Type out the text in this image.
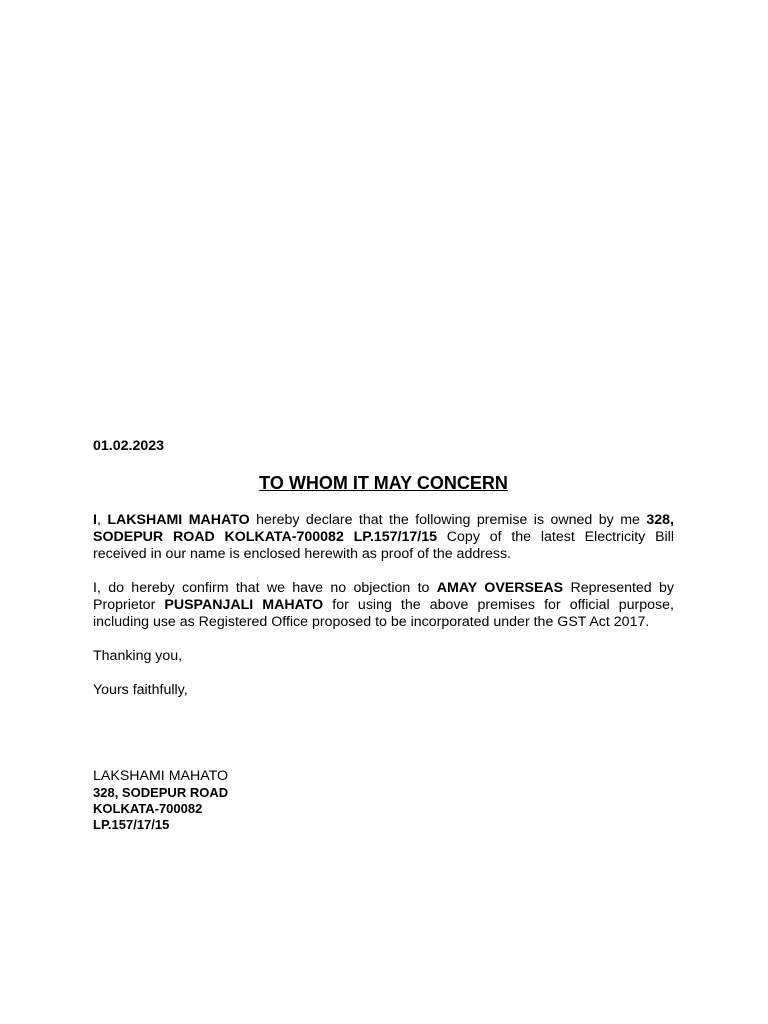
01.02.2023

TO WHOM IT MAY CONCERN

I, LAKSHAMI MAHATO hereby declare that the following premise is owned by me 328, SODEPUR ROAD KOLKATA-700082 LP.157/17/15 Copy of the latest Electricity Bill received in our name is enclosed herewith as proof of the address.

I, do hereby confirm that we have no objection to AMAY OVERSEAS Represented by Proprietor PUSPANJALI MAHATO for using the above premises for official purpose, including use as Registered Office proposed to be incorporated under the GST Act 2017.

Thanking you,

Yours faithfully,

LAKSHAMI MAHATO

328, SODEPUR ROAD

KOLKATA-700082

LP.157/17/15
